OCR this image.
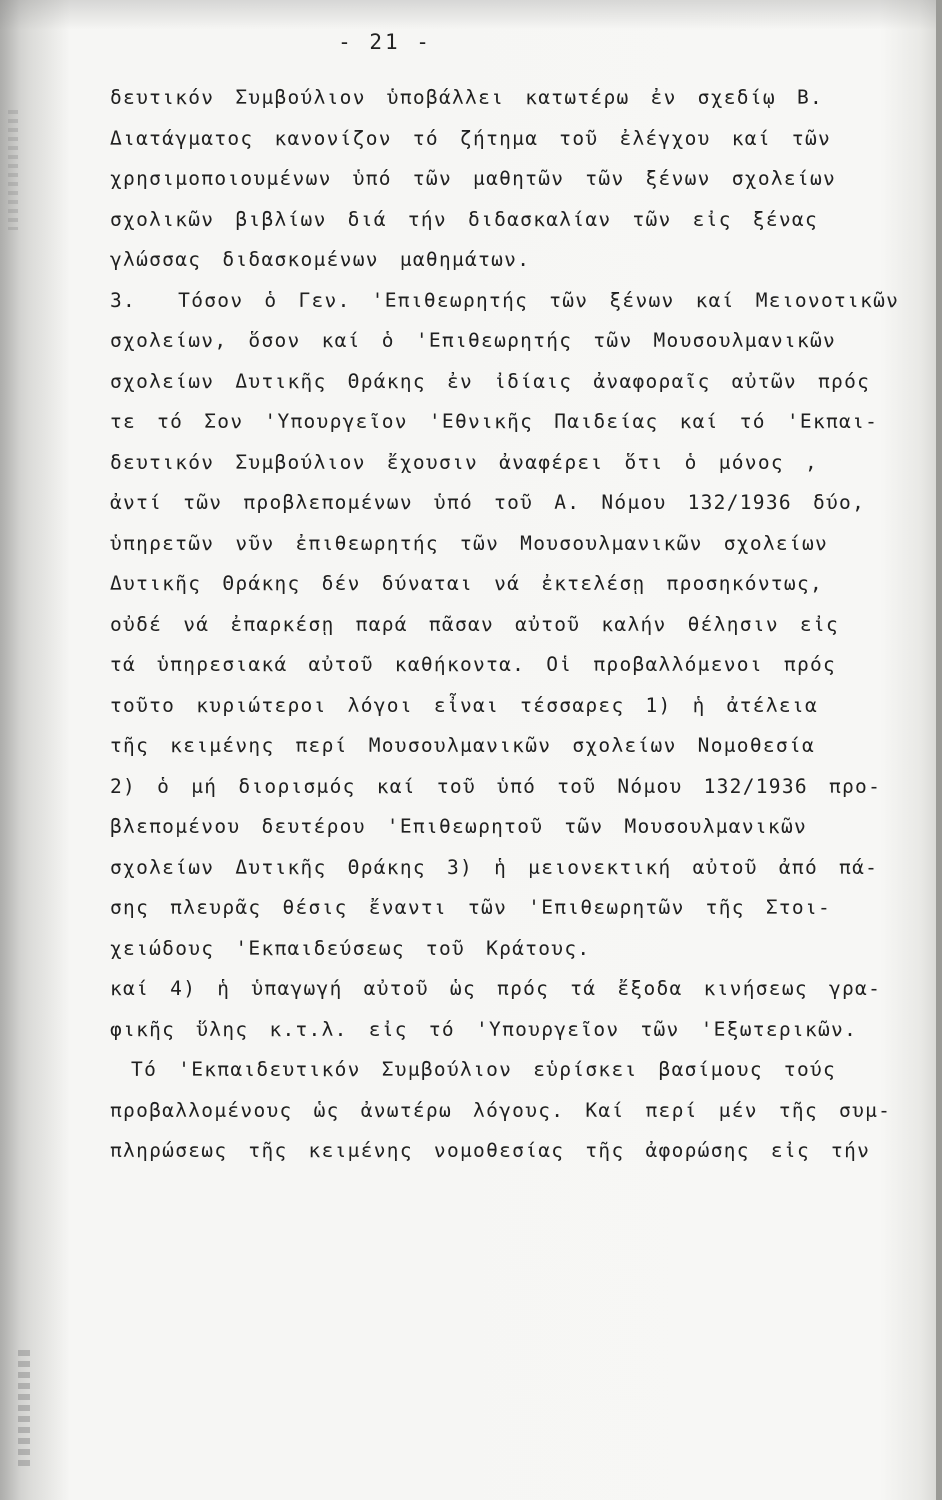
- 21 -
δευτικόν Συμβούλιον ὑποβάλλει κατωτέρω ἐν σχεδίῳ Β.
Διατάγματος κανονίζον τό ζήτημα τοῦ ἐλέγχου καί τῶν
χρησιμοποιουμένων ὑπό τῶν μαθητῶν τῶν ξένων σχολείων
σχολικῶν βιβλίων διά τήν διδασκαλίαν τῶν εἰς ξένας
γλώσσας διδασκομένων μαθημάτων.
3.  Τόσον ὁ Γεν. 'Επιθεωρητής τῶν ξένων καί Μειονοτικῶν
σχολείων, ὅσον καί ὁ 'Επιθεωρητής τῶν Μουσουλμανικῶν
σχολείων Δυτικῆς Θράκης ἐν ἰδίαις ἀναφοραῖς αὐτῶν πρός
τε τό Σον 'Υπουργεῖον 'Εθνικῆς Παιδείας καί τό 'Εκπαι-
δευτικόν Συμβούλιον ἔχουσιν ἀναφέρει ὅτι ὁ μόνος ,
ἀντί τῶν προβλεπομένων ὑπό τοῦ Α. Νόμου 132/1936 δύο,
ὑπηρετῶν νῦν ἐπιθεωρητής τῶν Μουσουλμανικῶν σχολείων
Δυτικῆς Θράκης δέν δύναται νά ἐκτελέσῃ προσηκόντως,
οὐδέ νά ἐπαρκέσῃ παρά πᾶσαν αὐτοῦ καλήν θέλησιν εἰς
τά ὑπηρεσιακά αὐτοῦ καθήκοντα. Οἱ προβαλλόμενοι πρός
τοῦτο κυριώτεροι λόγοι εἶναι τέσσαρες 1) ἡ ἀτέλεια
τῆς κειμένης περί Μουσουλμανικῶν σχολείων Νομοθεσία
2) ὁ μή διορισμός καί τοῦ ὑπό τοῦ Νόμου 132/1936 προ-
βλεπομένου δευτέρου 'Επιθεωρητοῦ τῶν Μουσουλμανικῶν
σχολείων Δυτικῆς Θράκης 3) ἡ μειονεκτική αὐτοῦ ἀπό πά-
σης πλευρᾶς θέσις ἔναντι τῶν 'Επιθεωρητῶν τῆς Στοι-
χειώδους 'Εκπαιδεύσεως τοῦ Κράτους.
καί 4) ἡ ὑπαγωγή αὐτοῦ ὡς πρός τά ἔξοδα κινήσεως γρα-
φικῆς ὕλης κ.τ.λ. εἰς τό 'Υπουργεῖον τῶν 'Εξωτερικῶν.
Τό 'Εκπαιδευτικόν Συμβούλιον εὑρίσκει βασίμους τούς
προβαλλομένους ὡς ἀνωτέρω λόγους. Καί περί μέν τῆς συμ-
πληρώσεως τῆς κειμένης νομοθεσίας τῆς ἀφορώσης εἰς τήν
